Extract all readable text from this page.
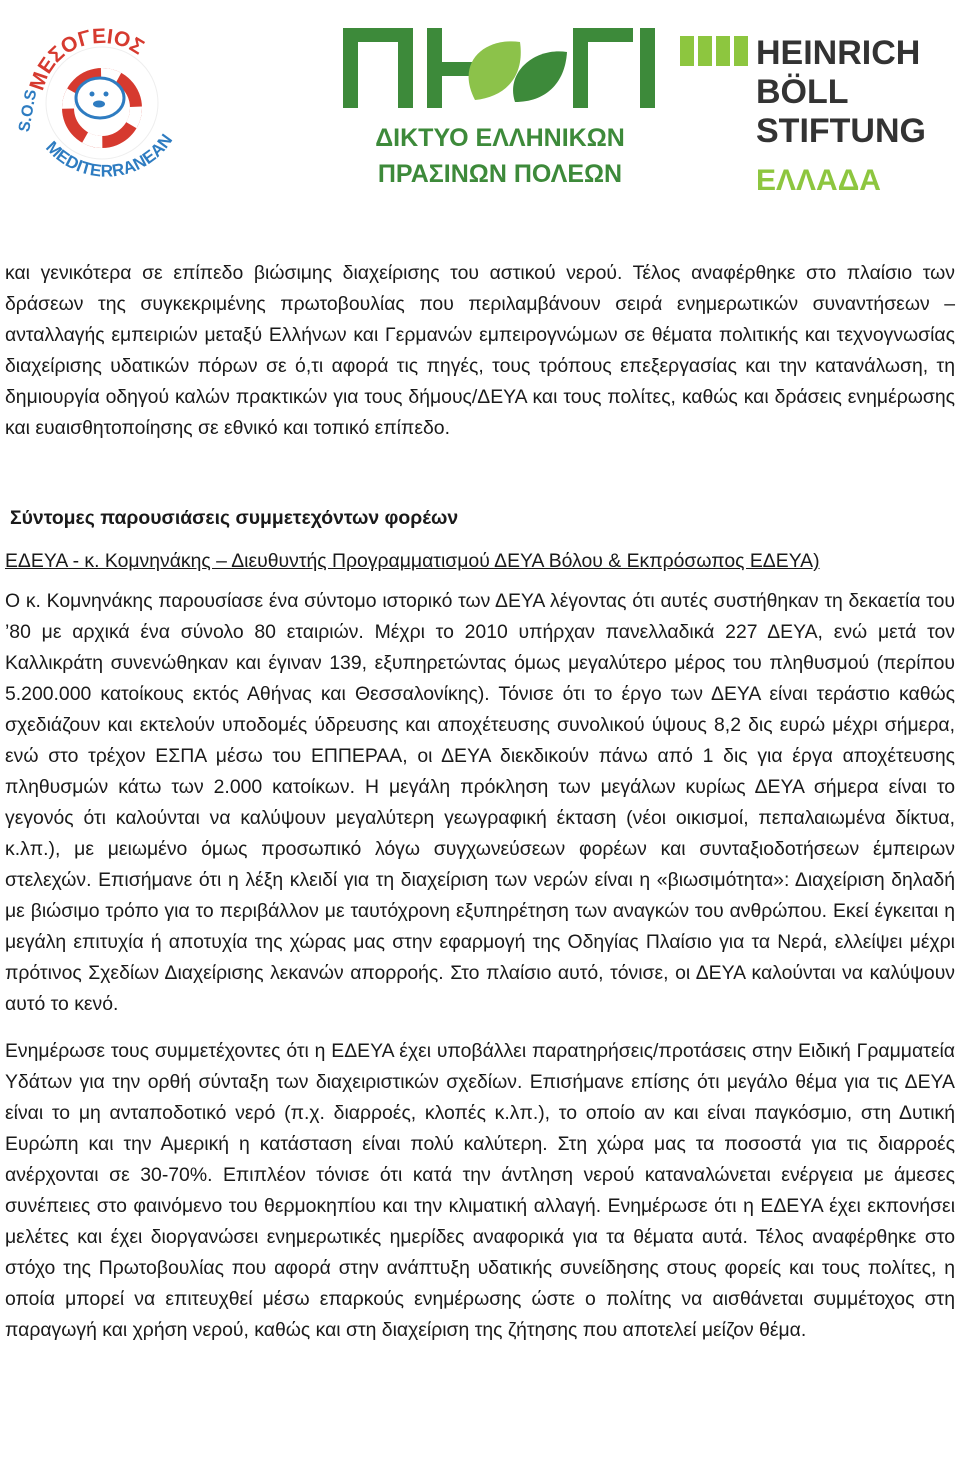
ΜΕΣΟΓΕΙΟΣ
MEDITERRANEAN
S.O.S
ΔΙΚΤΥΟ ΕΛΛΗΝΙΚΩΝ
ΠΡΑΣΙΝΩΝ ΠΟΛΕΩΝ
HEINRICH
BÖLL
STIFTUNG
ΕΛΛΑΔΑ

και γενικότερα σε επίπεδο βιώσιμης διαχείρισης του αστικού νερού. Τέλος αναφέρθηκε στο πλαίσιο των δράσεων της συγκεκριμένης πρωτοβουλίας που περιλαμβάνουν σειρά ενημερωτικών συναντήσεων – ανταλλαγής εμπειριών μεταξύ Ελλήνων και Γερμανών εμπειρογνώμων σε θέματα πολιτικής και τεχνογνωσίας διαχείρισης υδατικών πόρων σε ό,τι αφορά τις πηγές, τους τρόπους επεξεργασίας και την κατανάλωση, τη δημιουργία οδηγού καλών πρακτικών για τους δήμους/ΔΕΥΑ και τους πολίτες, καθώς και δράσεις ενημέρωσης και ευαισθητοποίησης σε εθνικό και τοπικό επίπεδο.

Σύντομες παρουσιάσεις συμμετεχόντων φορέων
ΕΔΕΥΑ - κ. Κομνηνάκης – Διευθυντής Προγραμματισμού ΔΕΥΑ Βόλου & Εκπρόσωπος ΕΔΕΥΑ)

Ο κ. Κομνηνάκης παρουσίασε ένα σύντομο ιστορικό των ΔΕΥΑ λέγοντας ότι αυτές συστήθηκαν τη δεκαετία του ’80 με αρχικά ένα σύνολο 80 εταιριών. Μέχρι το 2010 υπήρχαν πανελλαδικά 227 ΔΕΥΑ, ενώ μετά τον Καλλικράτη συνενώθηκαν και έγιναν 139, εξυπηρετώντας όμως μεγαλύτερο μέρος του πληθυσμού (περίπου 5.200.000 κατοίκους εκτός Αθήνας και Θεσσαλονίκης). Τόνισε ότι το έργο των ΔΕΥΑ είναι τεράστιο καθώς σχεδιάζουν και εκτελούν υποδομές ύδρευσης και αποχέτευσης συνολικού ύψους 8,2 δις ευρώ μέχρι σήμερα, ενώ στο τρέχον ΕΣΠΑ μέσω του ΕΠΠΕΡΑΑ, οι ΔΕΥΑ διεκδικούν πάνω από 1 δις για έργα αποχέτευσης πληθυσμών κάτω των 2.000 κατοίκων. Η μεγάλη πρόκληση των μεγάλων κυρίως ΔΕΥΑ σήμερα είναι το γεγονός ότι καλούνται να καλύψουν μεγαλύτερη γεωγραφική έκταση (νέοι οικισμοί, πεπαλαιωμένα δίκτυα, κ.λπ.), με μειωμένο όμως προσωπικό λόγω συγχωνεύσεων φορέων και συνταξιοδοτήσεων έμπειρων στελεχών. Επισήμανε ότι η λέξη κλειδί για τη διαχείριση των νερών είναι η «βιωσιμότητα»: Διαχείριση δηλαδή με βιώσιμο τρόπο για το περιβάλλον με ταυτόχρονη εξυπηρέτηση των αναγκών του ανθρώπου. Εκεί έγκειται η μεγάλη επιτυχία ή αποτυχία της χώρας μας στην εφαρμογή της Οδηγίας Πλαίσιο για τα Νερά, ελλείψει μέχρι πρότινος Σχεδίων Διαχείρισης λεκανών απορροής. Στο πλαίσιο αυτό, τόνισε, οι ΔΕΥΑ καλούνται να καλύψουν αυτό το κενό.

Ενημέρωσε τους συμμετέχοντες ότι η ΕΔΕΥΑ έχει υποβάλλει παρατηρήσεις/προτάσεις στην Ειδική Γραμματεία Υδάτων για την ορθή σύνταξη των διαχειριστικών σχεδίων. Επισήμανε επίσης ότι μεγάλο θέμα για τις ΔΕΥΑ είναι το μη ανταποδοτικό νερό (π.χ. διαρροές, κλοπές κ.λπ.), το οποίο αν και είναι παγκόσμιο, στη Δυτική Ευρώπη και την Αμερική η κατάσταση είναι πολύ καλύτερη. Στη χώρα μας τα ποσοστά για τις διαρροές ανέρχονται σε 30-70%. Επιπλέον τόνισε ότι κατά την άντληση νερού καταναλώνεται ενέργεια με άμεσες συνέπειες στο φαινόμενο του θερμοκηπίου και την κλιματική αλλαγή. Ενημέρωσε ότι η ΕΔΕΥΑ έχει εκπονήσει μελέτες και έχει διοργανώσει ενημερωτικές ημερίδες αναφορικά για τα θέματα αυτά. Τέλος αναφέρθηκε στο στόχο της Πρωτοβουλίας που αφορά στην ανάπτυξη υδατικής συνείδησης στους φορείς και τους πολίτες, η οποία μπορεί να επιτευχθεί μέσω επαρκούς ενημέρωσης ώστε ο πολίτης να αισθάνεται συμμέτοχος στη παραγωγή και χρήση νερού, καθώς και στη διαχείριση της ζήτησης που αποτελεί μείζον θέμα.
